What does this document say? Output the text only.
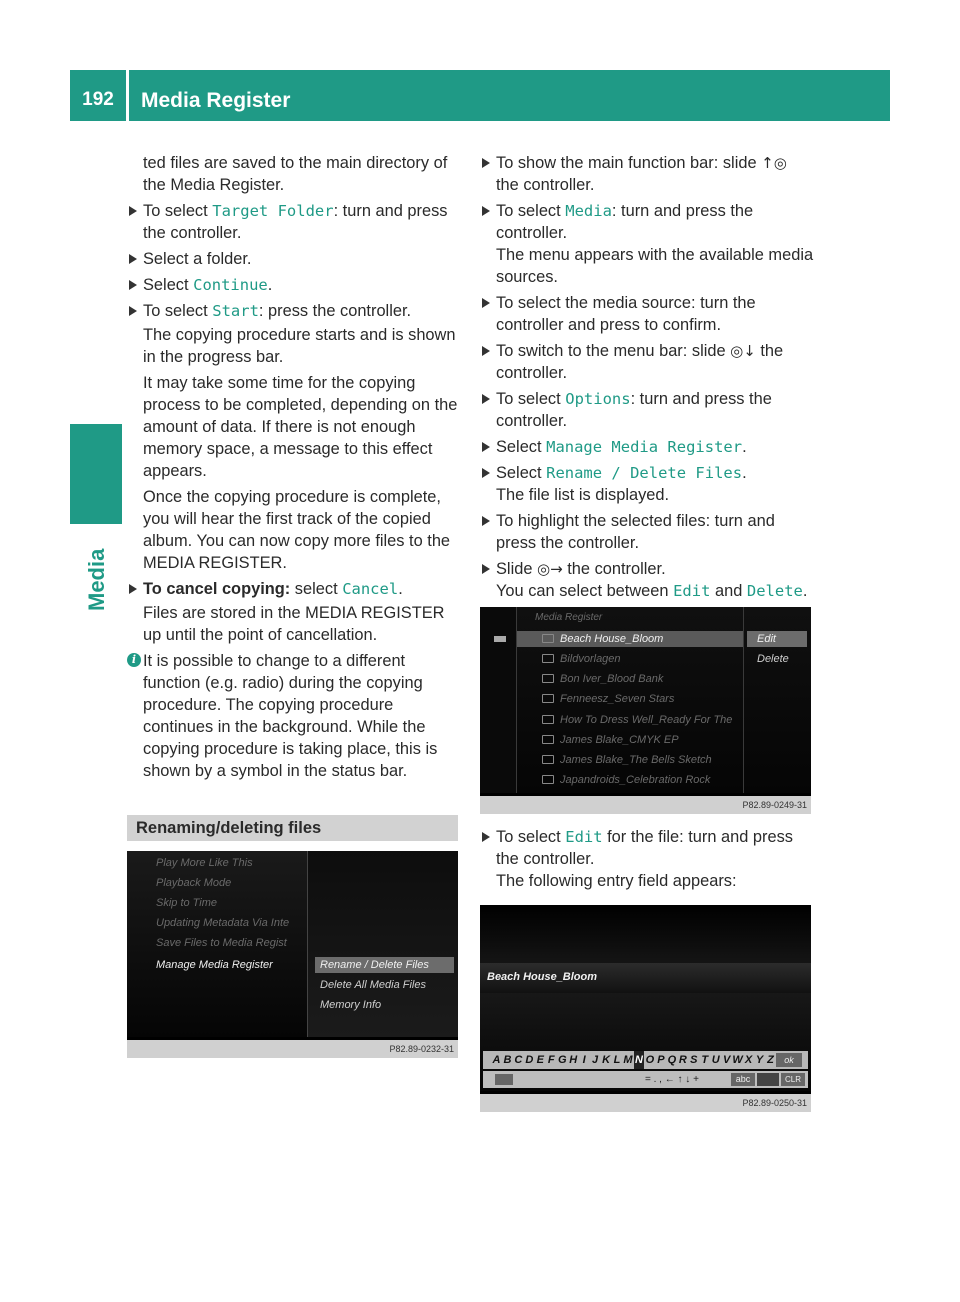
192	Media Register
Media
ted files are saved to the main directory of the Media Register.
To select Target Folder: turn and press the controller.
Select a folder.
Select Continue.
To select Start: press the controller.
The copying procedure starts and is shown in the progress bar.
It may take some time for the copying process to be completed, depending on the amount of data. If there is not enough memory space, a message to this effect appears.
Once the copying procedure is complete, you will hear the first track of the copied album. You can now copy more files to the MEDIA REGISTER.
To cancel copying: select Cancel.
Files are stored in the MEDIA REGISTER up until the point of cancellation.
i It is possible to change to a different function (e.g. radio) during the copying procedure. The copying procedure continues in the background. While the copying procedure is taking place, this is shown by a symbol in the status bar.
Renaming/deleting files
Play More Like This
Playback Mode
Skip to Time
Updating Metadata Via Inte
Save Files to Media Regist
Manage Media Register	Rename / Delete Files
Delete All Media Files
Memory Info
P82.89-0232-31
To show the main function bar: slide ↑◎ the controller.
To select Media: turn and press the controller.
The menu appears with the available media sources.
To select the media source: turn the controller and press to confirm.
To switch to the menu bar: slide ◎↓ the controller.
To select Options: turn and press the controller.
Select Manage Media Register.
Select Rename / Delete Files.
The file list is displayed.
To highlight the selected files: turn and press the controller.
Slide ◎→ the controller.
You can select between Edit and Delete.
Media Register
Beach House_Bloom
Bildvorlagen
Bon Iver_Blood Bank
Fenneesz_Seven Stars
How To Dress Well_Ready For The
James Blake_CMYK EP
James Blake_The Bells Sketch
Japandroids_Celebration Rock
Edit
Delete
P82.89-0249-31
To select Edit for the file: turn and press the controller.
The following entry field appears:
Beach House_Bloom
A B C D E F G H I J K L M N O P Q R S T U V W X Y Z	ok
= . , ← ↑ ↓ +	abc	CLR
P82.89-0250-31
